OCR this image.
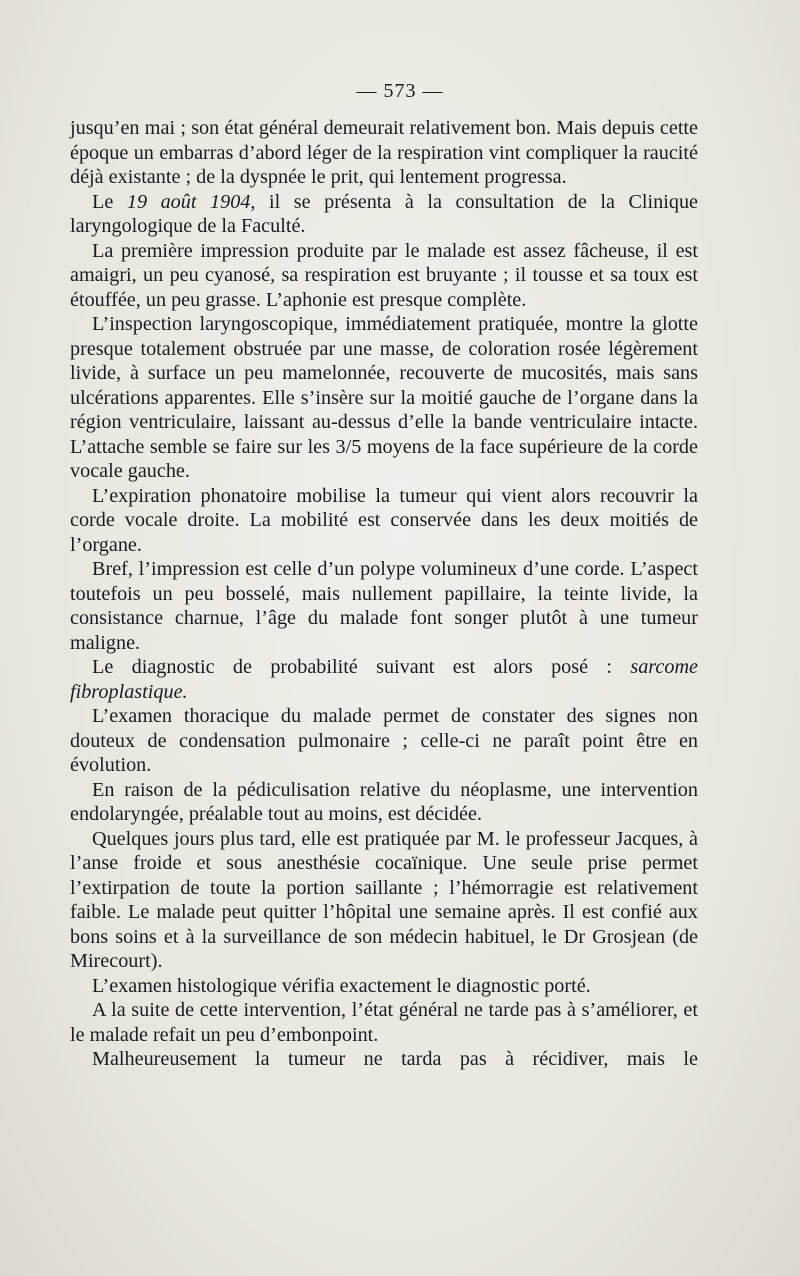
— 573 —

jusqu’en mai ; son état général demeurait relativement bon. Mais depuis cette époque un embarras d’abord léger de la respiration vint compliquer la raucité déjà existante ; de la dyspnée le prit, qui lentement progressa.

Le 19 août 1904, il se présenta à la consultation de la Clinique laryngologique de la Faculté.

La première impression produite par le malade est assez fâcheuse, il est amaigri, un peu cyanosé, sa respiration est bruyante ; il tousse et sa toux est étouffée, un peu grasse. L’aphonie est presque complète.

L’inspection laryngoscopique, immédiatement pratiquée, montre la glotte presque totalement obstruée par une masse, de coloration rosée légèrement livide, à surface un peu mamelonnée, recouverte de mucosités, mais sans ulcérations apparentes. Elle s’insère sur la moitié gauche de l’organe dans la région ventriculaire, laissant au-dessus d’elle la bande ventriculaire intacte. L’attache semble se faire sur les 3/5 moyens de la face supérieure de la corde vocale gauche.

L’expiration phonatoire mobilise la tumeur qui vient alors recouvrir la corde vocale droite. La mobilité est conservée dans les deux moitiés de l’organe.

Bref, l’impression est celle d’un polype volumineux d’une corde. L’aspect toutefois un peu bosselé, mais nullement papillaire, la teinte livide, la consistance charnue, l’âge du malade font songer plutôt à une tumeur maligne.

Le diagnostic de probabilité suivant est alors posé : sarcome fibroplastique.

L’examen thoracique du malade permet de constater des signes non douteux de condensation pulmonaire ; celle-ci ne paraît point être en évolution.

En raison de la pédiculisation relative du néoplasme, une intervention endolaryngée, préalable tout au moins, est décidée.

Quelques jours plus tard, elle est pratiquée par M. le professeur Jacques, à l’anse froide et sous anesthésie cocaïnique. Une seule prise permet l’extirpation de toute la portion saillante ; l’hémorragie est relativement faible. Le malade peut quitter l’hôpital une semaine après. Il est confié aux bons soins et à la surveillance de son médecin habituel, le Dr Grosjean (de Mirecourt).

L’examen histologique vérifia exactement le diagnostic porté.

A la suite de cette intervention, l’état général ne tarde pas à s’améliorer, et le malade refait un peu d’embonpoint.

Malheureusement la tumeur ne tarda pas à récidiver, mais le
